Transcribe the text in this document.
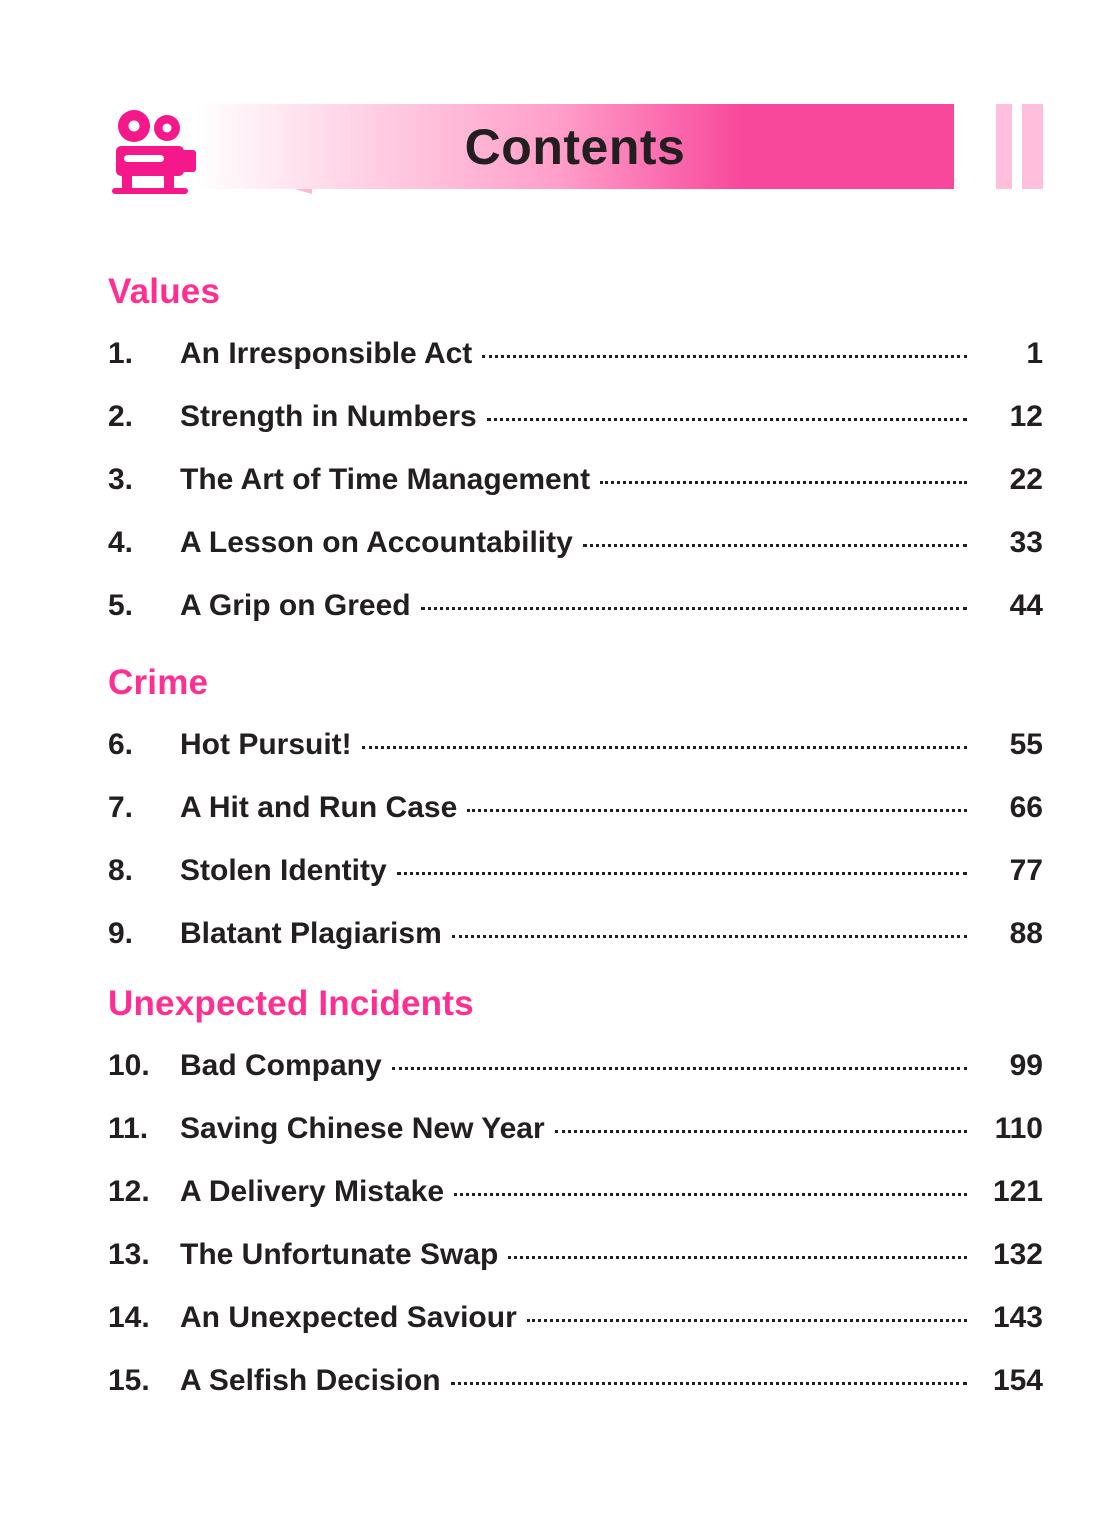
Contents
Values
1.	An Irresponsible Act	1
2.	Strength in Numbers	12
3.	The Art of Time Management	22
4.	A Lesson on Accountability	33
5.	A Grip on Greed	44
Crime
6.	Hot Pursuit!	55
7.	A Hit and Run Case	66
8.	Stolen Identity	77
9.	Blatant Plagiarism	88
Unexpected Incidents
10.	Bad Company	99
11.	Saving Chinese New Year	110
12.	A Delivery Mistake	121
13.	The Unfortunate Swap	132
14.	An Unexpected Saviour	143
15.	A Selfish Decision	154
